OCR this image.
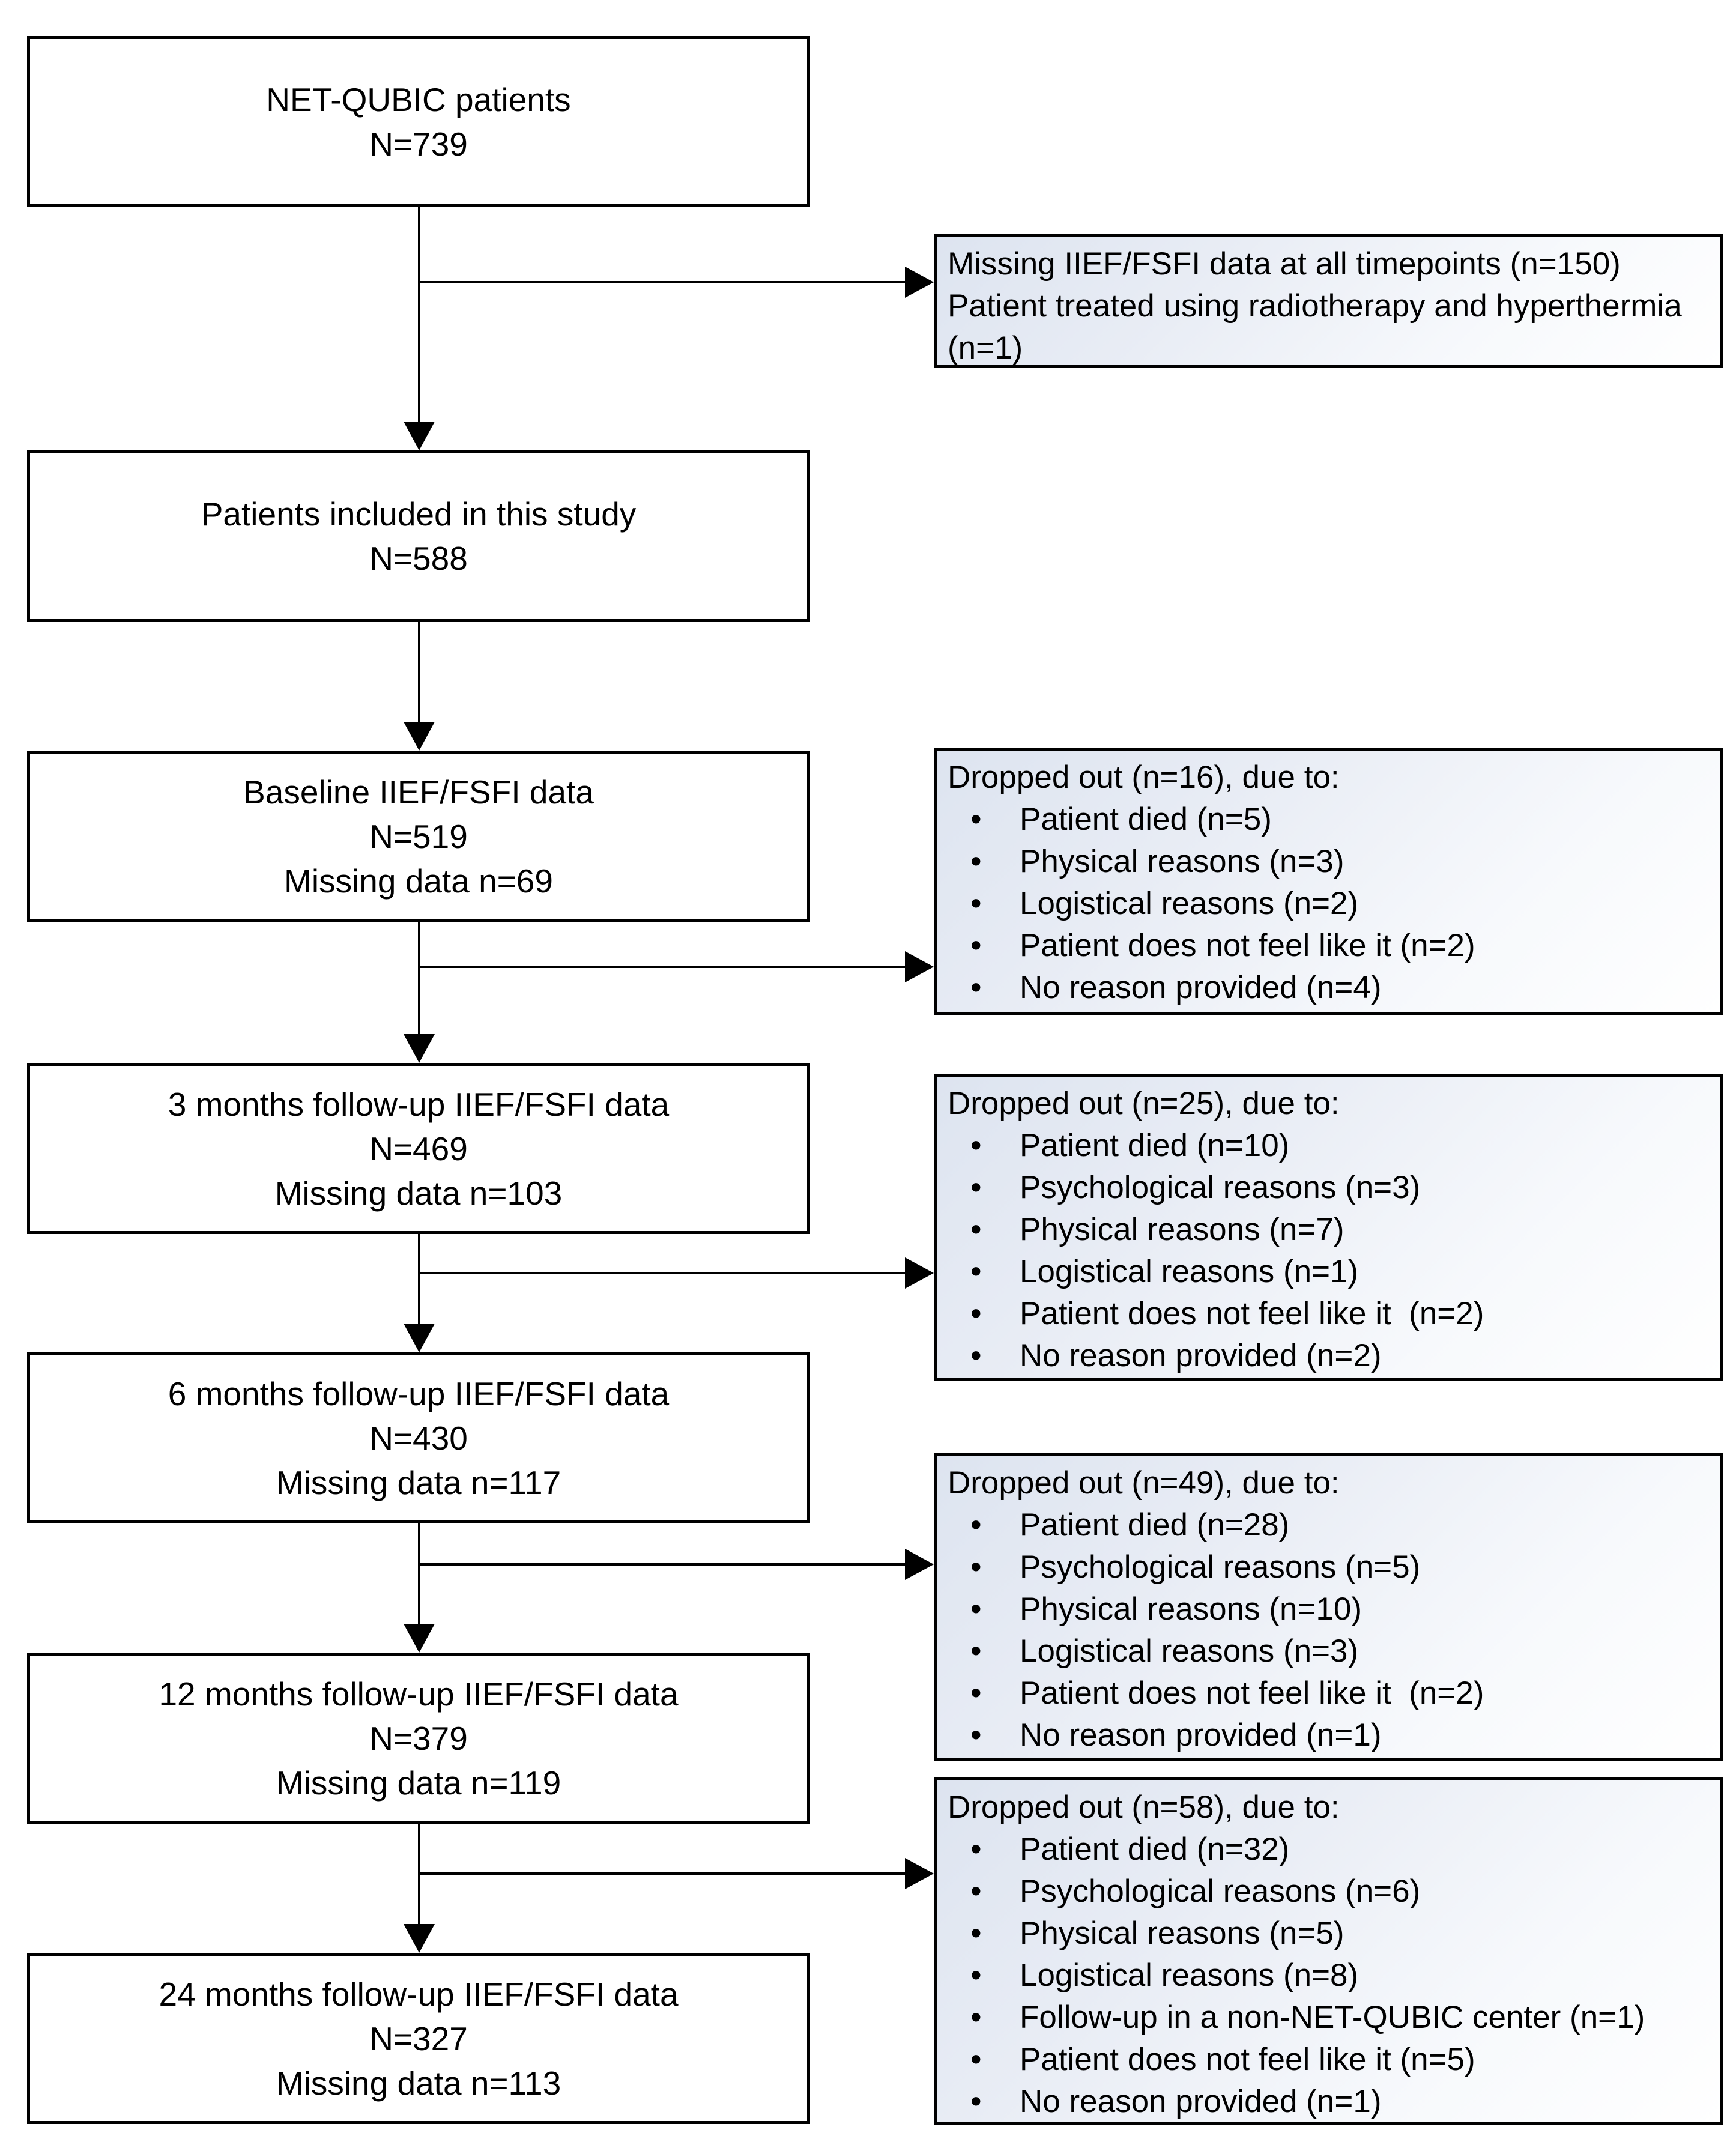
NET-QUBIC patients
N=739
Patients included in this study
N=588
Baseline IIEF/FSFI data
N=519
Missing data n=69
3 months follow-up IIEF/FSFI data
N=469
Missing data n=103
6 months follow-up IIEF/FSFI data
N=430
Missing data n=117
12 months follow-up IIEF/FSFI data
N=379
Missing data n=119
24 months follow-up IIEF/FSFI data
N=327
Missing data n=113
Missing IIEF/FSFI data at all timepoints (n=150)
Patient treated using radiotherapy and hyperthermia (n=1)
Dropped out (n=16), due to:
• Patient died (n=5)
• Physical reasons (n=3)
• Logistical reasons (n=2)
• Patient does not feel like it (n=2)
• No reason provided (n=4)
Dropped out (n=25), due to:
• Patient died (n=10)
• Psychological reasons (n=3)
• Physical reasons (n=7)
• Logistical reasons (n=1)
• Patient does not feel like it  (n=2)
• No reason provided (n=2)
Dropped out (n=49), due to:
• Patient died (n=28)
• Psychological reasons (n=5)
• Physical reasons (n=10)
• Logistical reasons (n=3)
• Patient does not feel like it  (n=2)
• No reason provided (n=1)
Dropped out (n=58), due to:
• Patient died (n=32)
• Psychological reasons (n=6)
• Physical reasons (n=5)
• Logistical reasons (n=8)
• Follow-up in a non-NET-QUBIC center (n=1)
• Patient does not feel like it (n=5)
• No reason provided (n=1)
